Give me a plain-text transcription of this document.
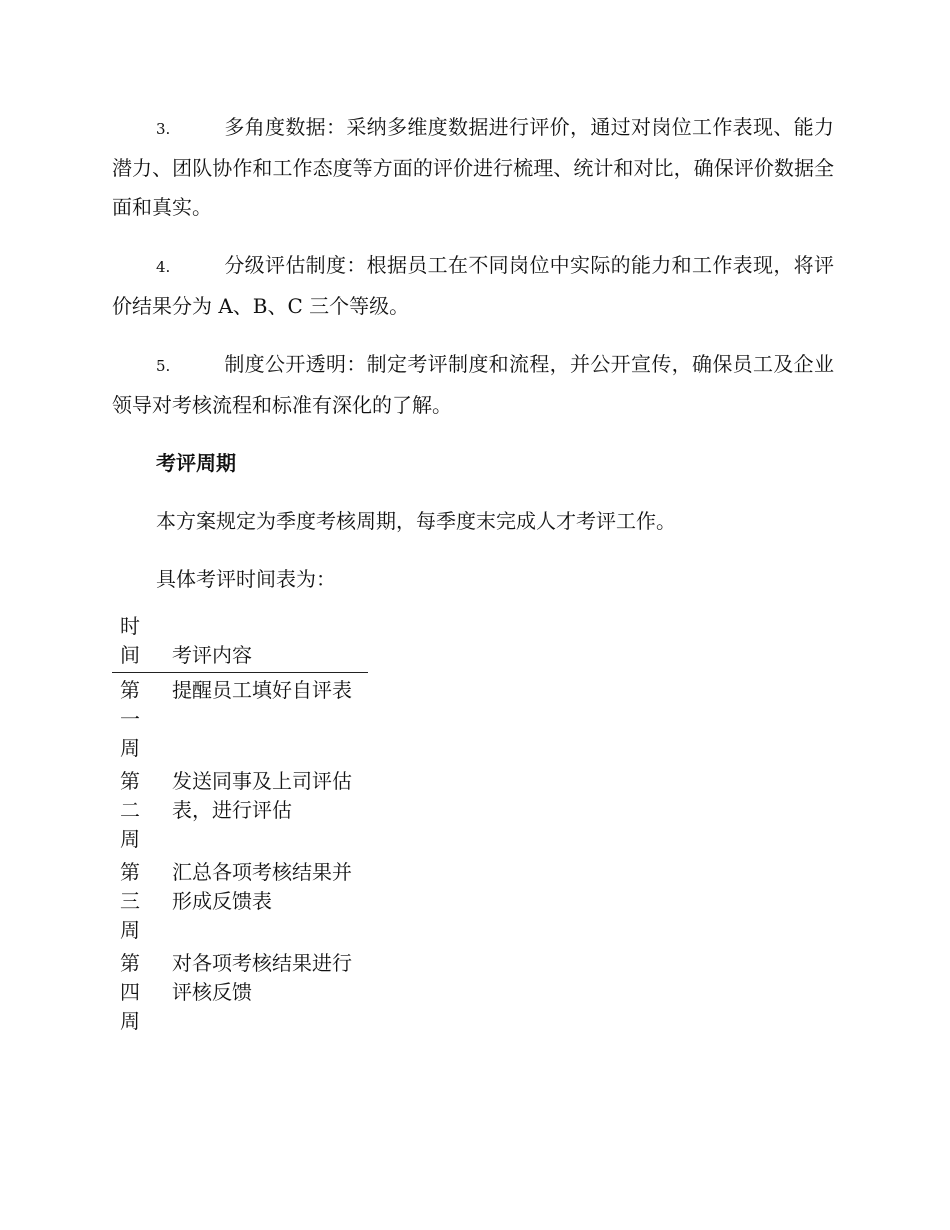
3.	多角度数据：采纳多维度数据进行评价，通过对岗位工作表现、能力潜力、团队协作和工作态度等方面的评价进行梳理、统计和对比，确保评价数据全面和真实。

4.	分级评估制度：根据员工在不同岗位中实际的能力和工作表现，将评价结果分为 A、B、C 三个等级。

5.	制度公开透明：制定考评制度和流程，并公开宣传，确保员工及企业领导对考核流程和标准有深化的了解。

考评周期

本方案规定为季度考核周期，每季度末完成人才考评工作。

具体考评时间表为：

时间	考评内容
第一周	提醒员工填好自评表
第二周	发送同事及上司评估表，进行评估
第三周	汇总各项考核结果并形成反馈表
第四周	对各项考核结果进行评核反馈
